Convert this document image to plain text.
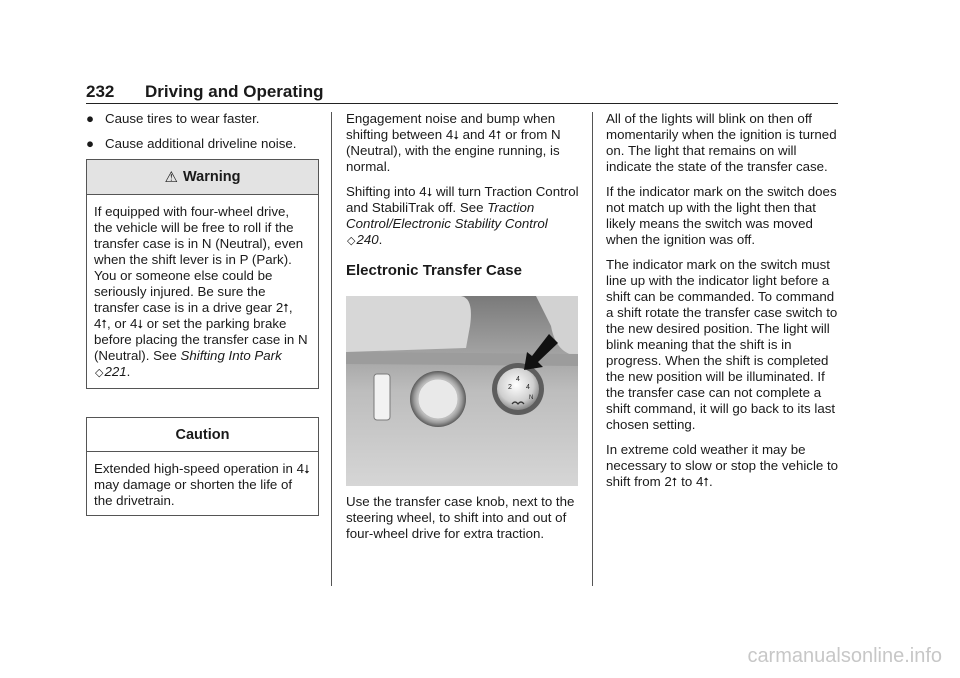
232 Driving and Operating
● Cause tires to wear faster.
● Cause additional driveline noise.
⚠ Warning

If equipped with four-wheel drive, the vehicle will be free to roll if the transfer case is in N (Neutral), even when the shift lever is in P (Park). You or someone else could be seriously injured. Be sure the transfer case is in a drive gear 2⭡, 4⭡, or 4⭣ or set the parking brake before placing the transfer case in N (Neutral). See Shifting Into Park ◇221.

Caution

Extended high-speed operation in 4⭣ may damage or shorten the life of the drivetrain.

Engagement noise and bump when shifting between 4⭣ and 4⭡ or from N (Neutral), with the engine running, is normal.

Shifting into 4⭣ will turn Traction Control and StabiliTrak off. See Traction Control/Electronic Stability Control ◇240.

Electronic Transfer Case
2
4
4
N

Use the transfer case knob, next to the steering wheel, to shift into and out of four-wheel drive for extra traction.

All of the lights will blink on then off momentarily when the ignition is turned on. The light that remains on will indicate the state of the transfer case.

If the indicator mark on the switch does not match up with the light then that likely means the switch was moved when the ignition was off.

The indicator mark on the switch must line up with the indicator light before a shift can be commanded. To command a shift rotate the transfer case switch to the new desired position. The light will blink meaning that the shift is in progress. When the shift is completed the new position will be illuminated. If the transfer case can not complete a shift command, it will go back to its last chosen setting.

In extreme cold weather it may be necessary to slow or stop the vehicle to shift from 2⭡ to 4⭡.

carmanualsonline.info
